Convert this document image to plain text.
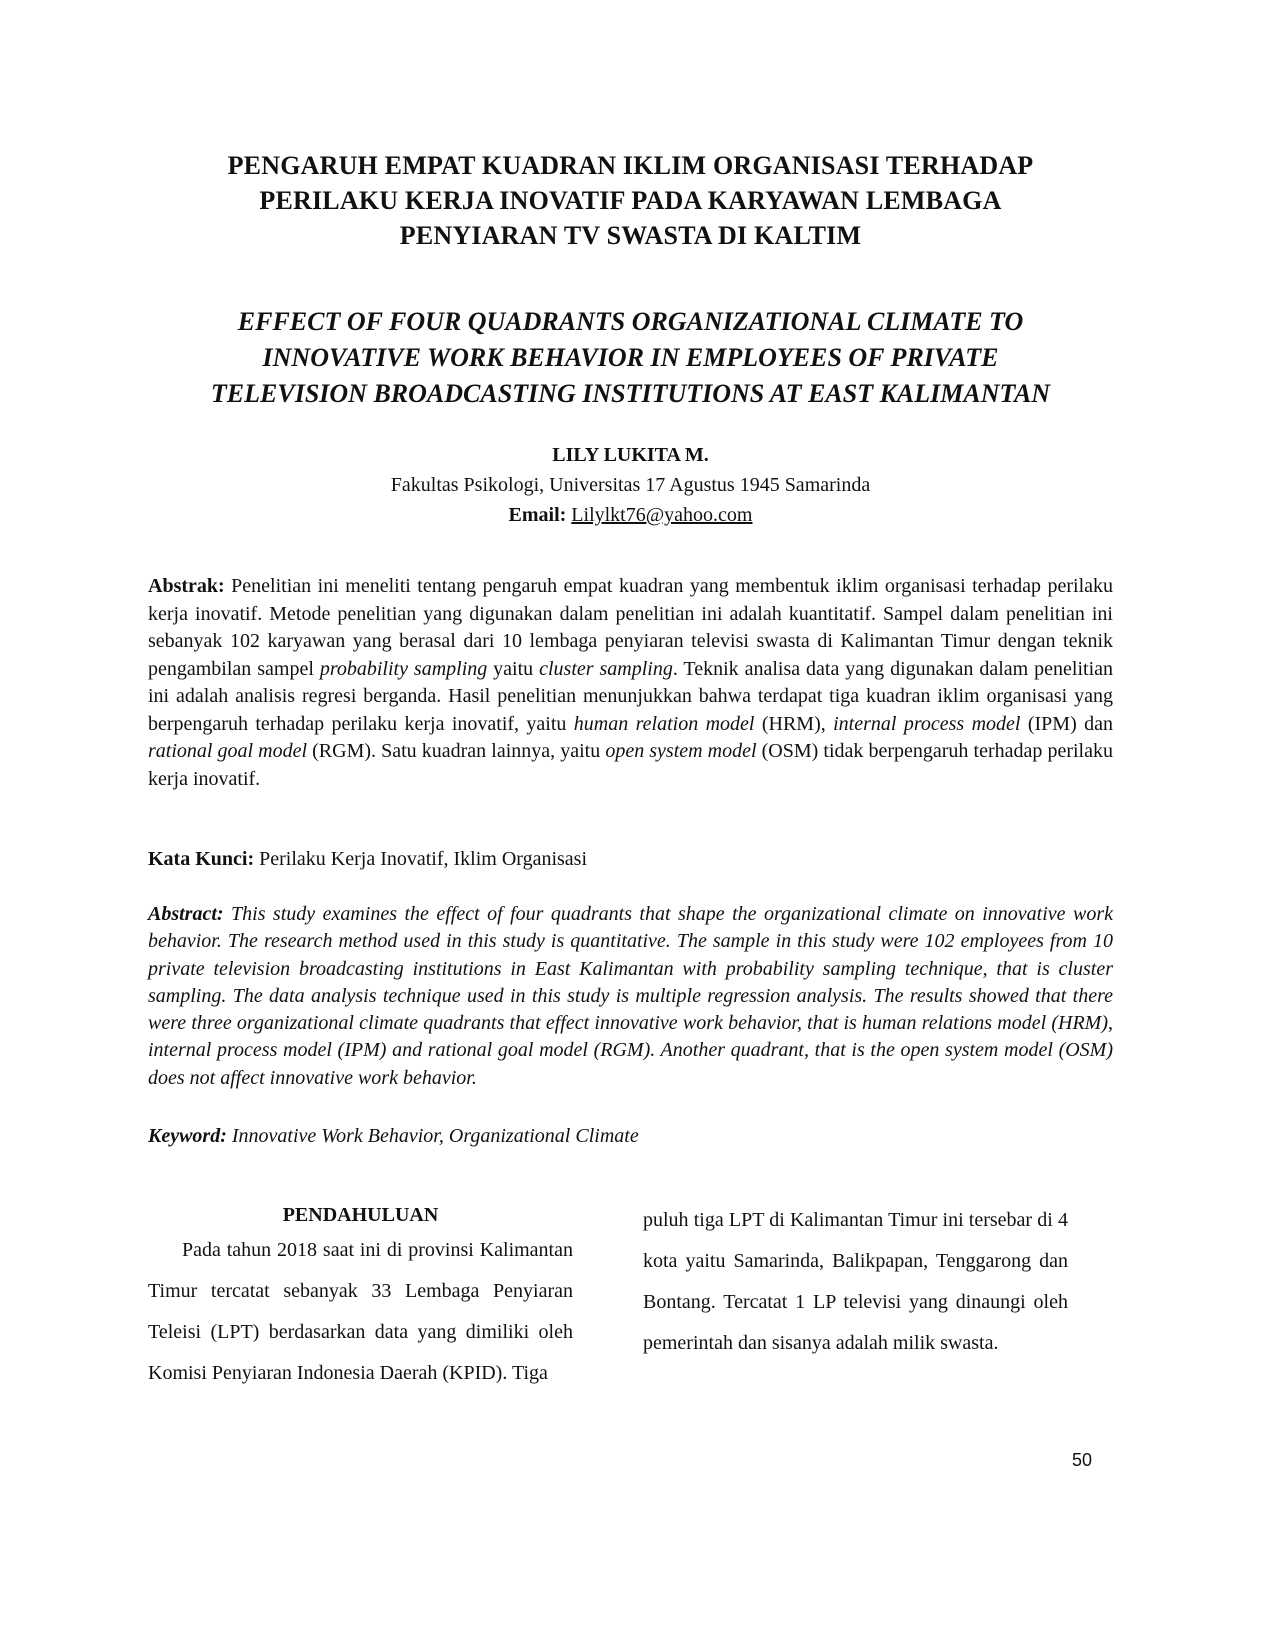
PENGARUH EMPAT KUADRAN IKLIM ORGANISASI TERHADAP

PERILAKU KERJA INOVATIF PADA KARYAWAN LEMBAGA

PENYIARAN TV SWASTA DI KALTIM

EFFECT OF FOUR QUADRANTS ORGANIZATIONAL CLIMATE TO
INNOVATIVE WORK BEHAVIOR IN EMPLOYEES OF PRIVATE
TELEVISION BROADCASTING INSTITUTIONS AT EAST KALIMANTAN

LILY LUKITA M.

Fakultas Psikologi, Universitas 17 Agustus 1945 Samarinda

Email: Lilylkt76@yahoo.com

Abstrak: Penelitian ini meneliti tentang pengaruh empat kuadran yang membentuk iklim organisasi terhadap perilaku kerja inovatif. Metode penelitian yang digunakan dalam penelitian ini adalah kuantitatif. Sampel dalam penelitian ini sebanyak 102 karyawan yang berasal dari 10 lembaga penyiaran televisi swasta di Kalimantan Timur dengan teknik pengambilan sampel probability sampling yaitu cluster sampling. Teknik analisa data yang digunakan dalam penelitian ini adalah analisis regresi berganda. Hasil penelitian menunjukkan bahwa terdapat tiga kuadran iklim organisasi yang berpengaruh terhadap perilaku kerja inovatif, yaitu human relation model (HRM), internal process model (IPM) dan rational goal model (RGM). Satu kuadran lainnya, yaitu open system model (OSM) tidak berpengaruh terhadap perilaku kerja inovatif.

Kata Kunci: Perilaku Kerja Inovatif, Iklim Organisasi

Abstract: This study examines the effect of four quadrants that shape the organizational climate on innovative work behavior. The research method used in this study is quantitative. The sample in this study were 102 employees from 10 private television broadcasting institutions in East Kalimantan with probability sampling technique, that is cluster sampling. The data analysis technique used in this study is multiple regression analysis. The results showed that there were three organizational climate quadrants that effect innovative work behavior, that is human relations model (HRM), internal process model (IPM) and rational goal model (RGM). Another quadrant, that is the open system model (OSM) does not affect innovative work behavior.

Keyword: Innovative Work Behavior, Organizational Climate

PENDAHULUAN

Pada tahun 2018 saat ini di provinsi Kalimantan Timur tercatat sebanyak 33 Lembaga Penyiaran Teleisi (LPT) berdasarkan data yang dimiliki oleh Komisi Penyiaran Indonesia Daerah (KPID). Tiga

puluh tiga LPT di Kalimantan Timur ini tersebar di 4 kota yaitu Samarinda, Balikpapan, Tenggarong dan Bontang. Tercatat 1 LP televisi yang dinaungi oleh pemerintah dan sisanya adalah milik swasta.

50
